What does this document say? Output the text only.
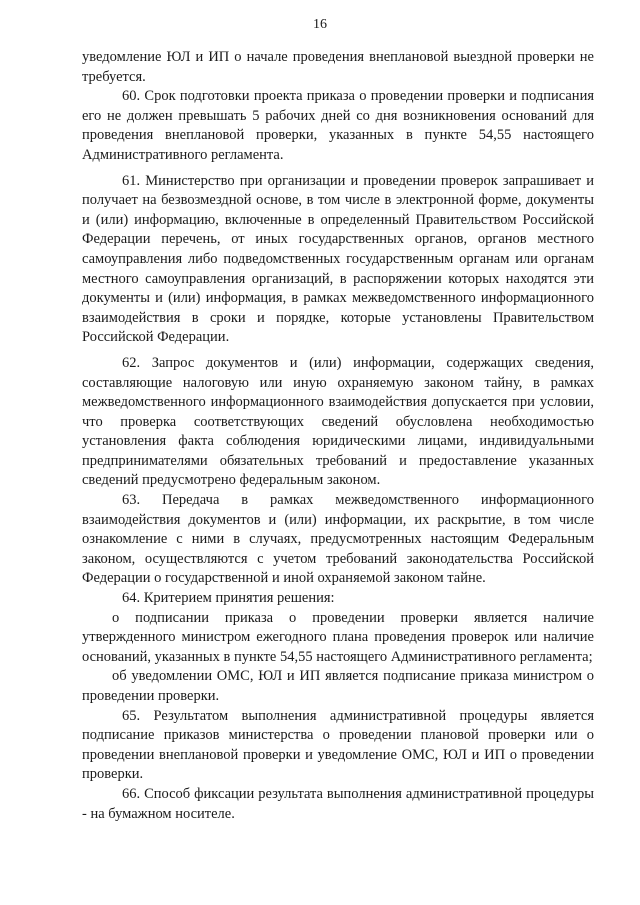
16

уведомление ЮЛ и ИП о начале проведения внеплановой выездной проверки не требуется.

60. Срок подготовки проекта приказа о проведении проверки и подписания его не должен превышать 5 рабочих дней со дня возникновения оснований для проведения внеплановой проверки, указанных в пункте 54,55 настоящего Административного регламента.

61. Министерство при организации и проведении проверок запрашивает и получает на безвозмездной основе, в том числе в электронной форме, документы и (или) информацию, включенные в определенный Правительством Российской Федерации перечень, от иных государственных органов, органов местного самоуправления либо подведомственных государственным органам или органам местного самоуправления организаций, в распоряжении которых находятся эти документы и (или) информация, в рамках межведомственного информационного взаимодействия в сроки и порядке, которые установлены Правительством Российской Федерации.

62. Запрос документов и (или) информации, содержащих сведения, составляющие налоговую или иную охраняемую законом тайну, в рамках межведомственного информационного взаимодействия допускается при условии, что проверка соответствующих сведений обусловлена необходимостью установления факта соблюдения юридическими лицами, индивидуальными предпринимателями обязательных требований и предоставление указанных сведений предусмотрено федеральным законом.

63. Передача в рамках межведомственного информационного взаимодействия документов и (или) информации, их раскрытие, в том числе ознакомление с ними в случаях, предусмотренных настоящим Федеральным законом, осуществляются с учетом требований законодательства Российской Федерации о государственной и иной охраняемой законом тайне.

64. Критерием принятия решения:

о подписании приказа о проведении проверки является наличие утвержденного министром ежегодного плана проведения проверок или наличие оснований, указанных в пункте 54,55 настоящего Административного регламента;

об уведомлении ОМС, ЮЛ и ИП является подписание приказа министром о проведении проверки.

65. Результатом выполнения административной процедуры является подписание приказов министерства о проведении плановой проверки или о проведении внеплановой проверки и уведомление ОМС, ЮЛ и ИП о проведении проверки.

66. Способ фиксации результата выполнения административной процедуры - на бумажном носителе.
